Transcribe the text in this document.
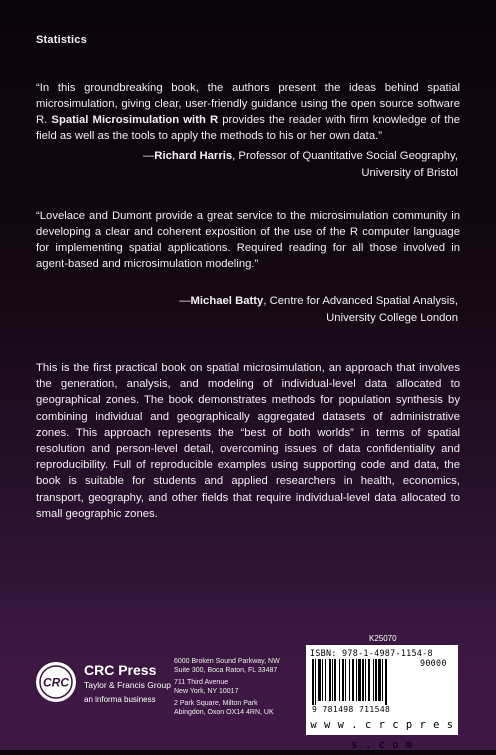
Statistics
“In this groundbreaking book, the authors present the ideas behind spatial microsimulation, giving clear, user-friendly guidance using the open source software R. Spatial Microsimulation with R provides the reader with firm knowledge of the field as well as the tools to apply the methods to his or her own data.”
—Richard Harris, Professor of Quantitative Social Geography,
University of Bristol
“Lovelace and Dumont provide a great service to the microsimulation community in developing a clear and coherent exposition of the use of the R computer language for implementing spatial applications. Required reading for all those involved in agent-based and microsimulation modeling.”
—Michael Batty, Centre for Advanced Spatial Analysis,
University College London
This is the first practical book on spatial microsimulation, an approach that involves the generation, analysis, and modeling of individual-level data allocated to geographical zones. The book demonstrates methods for population synthesis by combining individual and geographically aggregated datasets of administrative zones. This approach represents the “best of both worlds” in terms of spatial resolution and person-level detail, overcoming issues of data confidentiality and reproducibility. Full of reproducible examples using supporting code and data, the book is suitable for students and applied researchers in health, economics, transport, geography, and other fields that require individual-level data allocated to small geographic zones.
CRC
CRC Press
Taylor & Francis Group
an informa business
6000 Broken Sound Parkway, NW
Suite 300, Boca Raton, FL 33487
711 Third Avenue
New York, NY 10017
2 Park Square, Milton Park
Abingdon, Oxon OX14 4RN, UK
K25070
ISBN: 978-1-4987-1154-8
90000
9 781498 711548
w w w . c r c p r e s s . c o m
